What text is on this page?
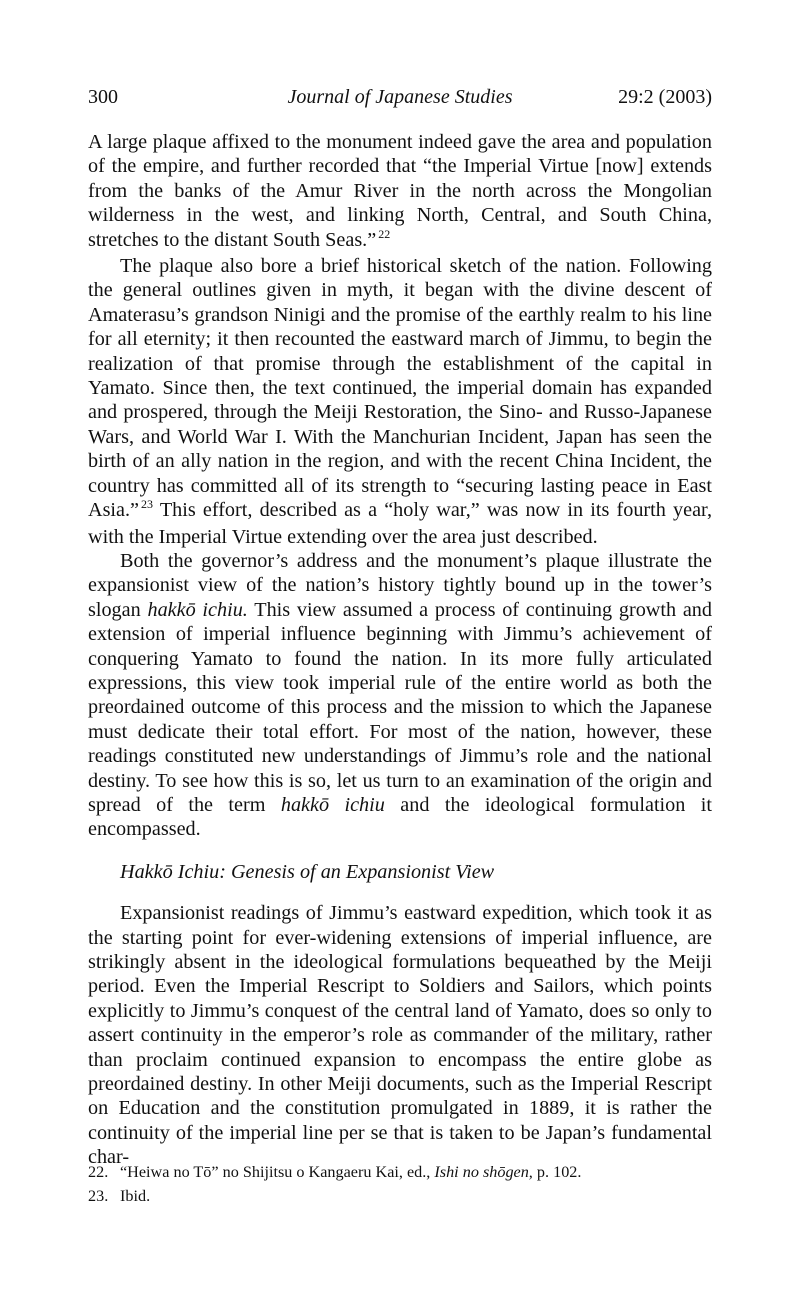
300	Journal of Japanese Studies	29:2 (2003)

A large plaque affixed to the monument indeed gave the area and population of the empire, and further recorded that “the Imperial Virtue [now] extends from the banks of the Amur River in the north across the Mongolian wilderness in the west, and linking North, Central, and South China, stretches to the distant South Seas.” $^{22}$

The plaque also bore a brief historical sketch of the nation. Following the general outlines given in myth, it began with the divine descent of Amaterasu’s grandson Ninigi and the promise of the earthly realm to his line for all eternity; it then recounted the eastward march of Jimmu, to begin the realization of that promise through the establishment of the capital in Yamato. Since then, the text continued, the imperial domain has expanded and prospered, through the Meiji Restoration, the Sino- and Russo-Japanese Wars, and World War I. With the Manchurian Incident, Japan has seen the birth of an ally nation in the region, and with the recent China Incident, the country has committed all of its strength to “securing lasting peace in East Asia.” $^{23}$ This effort, described as a “holy war,” was now in its fourth year, with the Imperial Virtue extending over the area just described.

Both the governor’s address and the monument’s plaque illustrate the expansionist view of the nation’s history tightly bound up in the tower’s slogan hakkō ichiu. This view assumed a process of continuing growth and extension of imperial influence beginning with Jimmu’s achievement of conquering Yamato to found the nation. In its more fully articulated expressions, this view took imperial rule of the entire world as both the preordained outcome of this process and the mission to which the Japanese must dedicate their total effort. For most of the nation, however, these readings constituted new understandings of Jimmu’s role and the national destiny. To see how this is so, let us turn to an examination of the origin and spread of the term hakkō ichiu and the ideological formulation it encompassed.

Hakkō Ichiu: Genesis of an Expansionist View

Expansionist readings of Jimmu’s eastward expedition, which took it as the starting point for ever-widening extensions of imperial influence, are strikingly absent in the ideological formulations bequeathed by the Meiji period. Even the Imperial Rescript to Soldiers and Sailors, which points explicitly to Jimmu’s conquest of the central land of Yamato, does so only to assert continuity in the emperor’s role as commander of the military, rather than proclaim continued expansion to encompass the entire globe as preordained destiny. In other Meiji documents, such as the Imperial Rescript on Education and the constitution promulgated in 1889, it is rather the continuity of the imperial line per se that is taken to be Japan’s fundamental char-

22. “Heiwa no Tō” no Shijitsu o Kangaeru Kai, ed., Ishi no shōgen, p. 102.
23. Ibid.
